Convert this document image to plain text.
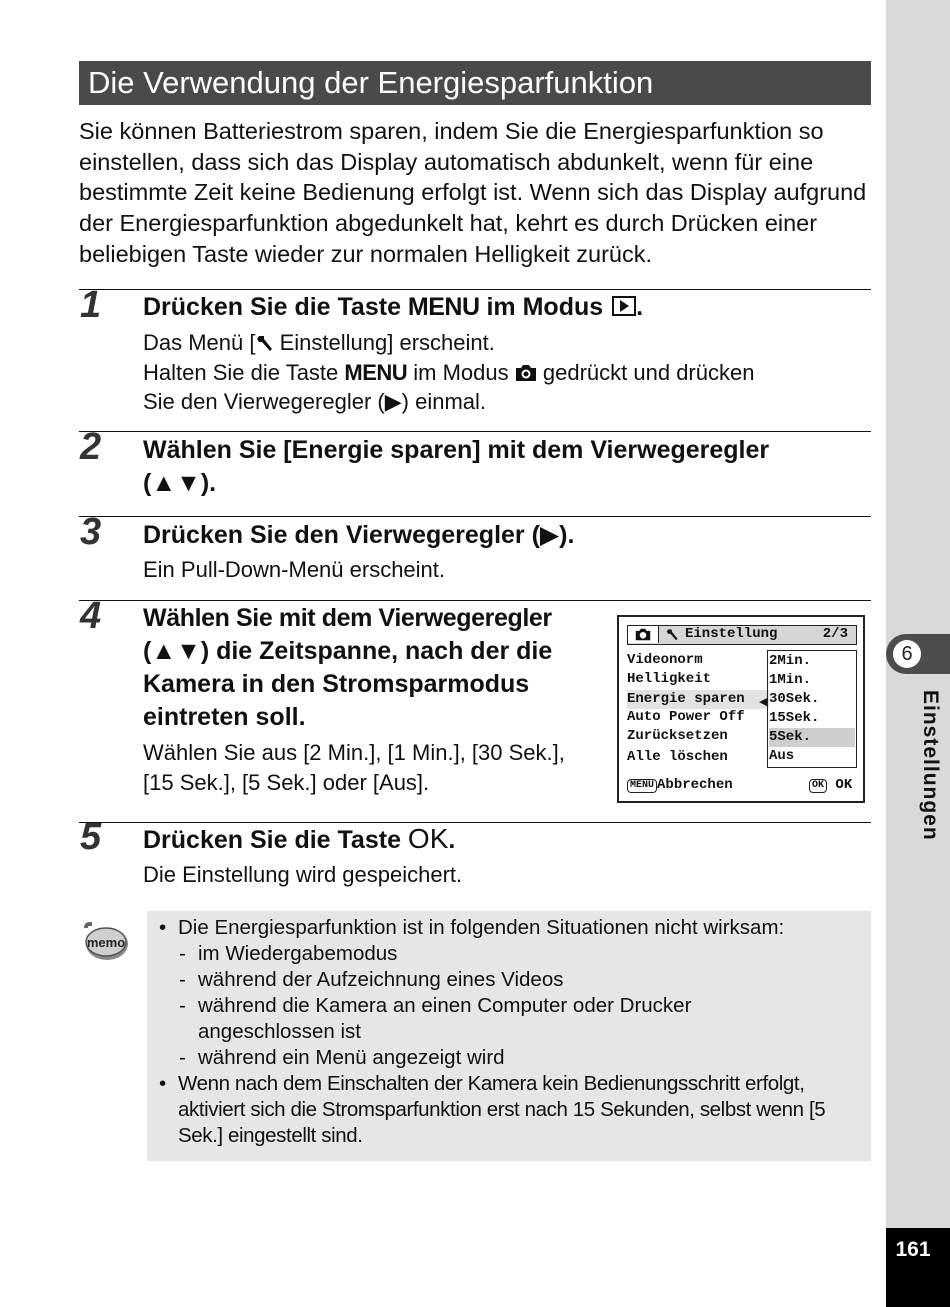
6
Einstellungen
161
Die Verwendung der Energiesparfunktion

Sie können Batteriestrom sparen, indem Sie die Energiesparfunktion so einstellen, dass sich das Display automatisch abdunkelt, wenn für eine bestimmte Zeit keine Bedienung erfolgt ist. Wenn sich das Display aufgrund der Energiesparfunktion abgedunkelt hat, kehrt es durch Drücken einer beliebigen Taste wieder zur normalen Helligkeit zurück.

1 Drücken Sie die Taste MENU im Modus .

Das Menü [ Einstellung] erscheint.
Halten Sie die Taste MENU im Modus  gedrückt und drücken
Sie den Vierwegeregler (▶) einmal.

2 Wählen Sie [Energie sparen] mit dem Vierwegeregler
(▲▼).

3 Drücken Sie den Vierwegeregler (▶).

Ein Pull-Down-Menü erscheint.

4 Wählen Sie mit dem Vierwegeregler
(▲▼) die Zeitspanne, nach der die
Kamera in den Stromsparmodus
eintreten soll.

Wählen Sie aus [2 Min.], [1 Min.], [30 Sek.],
[15 Sek.], [5 Sek.] oder [Aus].

Einstellung	2/3
Videonorm
Helligkeit
Energie sparen
Auto Power Off
Zurücksetzen
Alle löschen
◀
2Min.
1Min.
30Sek.
15Sek.
5Sek.
Aus
MENU Abbrechen	OK OK
5 Drücken Sie die Taste OK.

Die Einstellung wird gespeichert.

memo
• Die Energiesparfunktion ist in folgenden Situationen nicht wirksam:
- im Wiedergabemodus
- während der Aufzeichnung eines Videos
- während die Kamera an einen Computer oder Drucker angeschlossen ist
- während ein Menü angezeigt wird
• Wenn nach dem Einschalten der Kamera kein Bedienungsschritt erfolgt, aktiviert sich die Stromsparfunktion erst nach 15 Sekunden, selbst wenn [5 Sek.] eingestellt sind.
